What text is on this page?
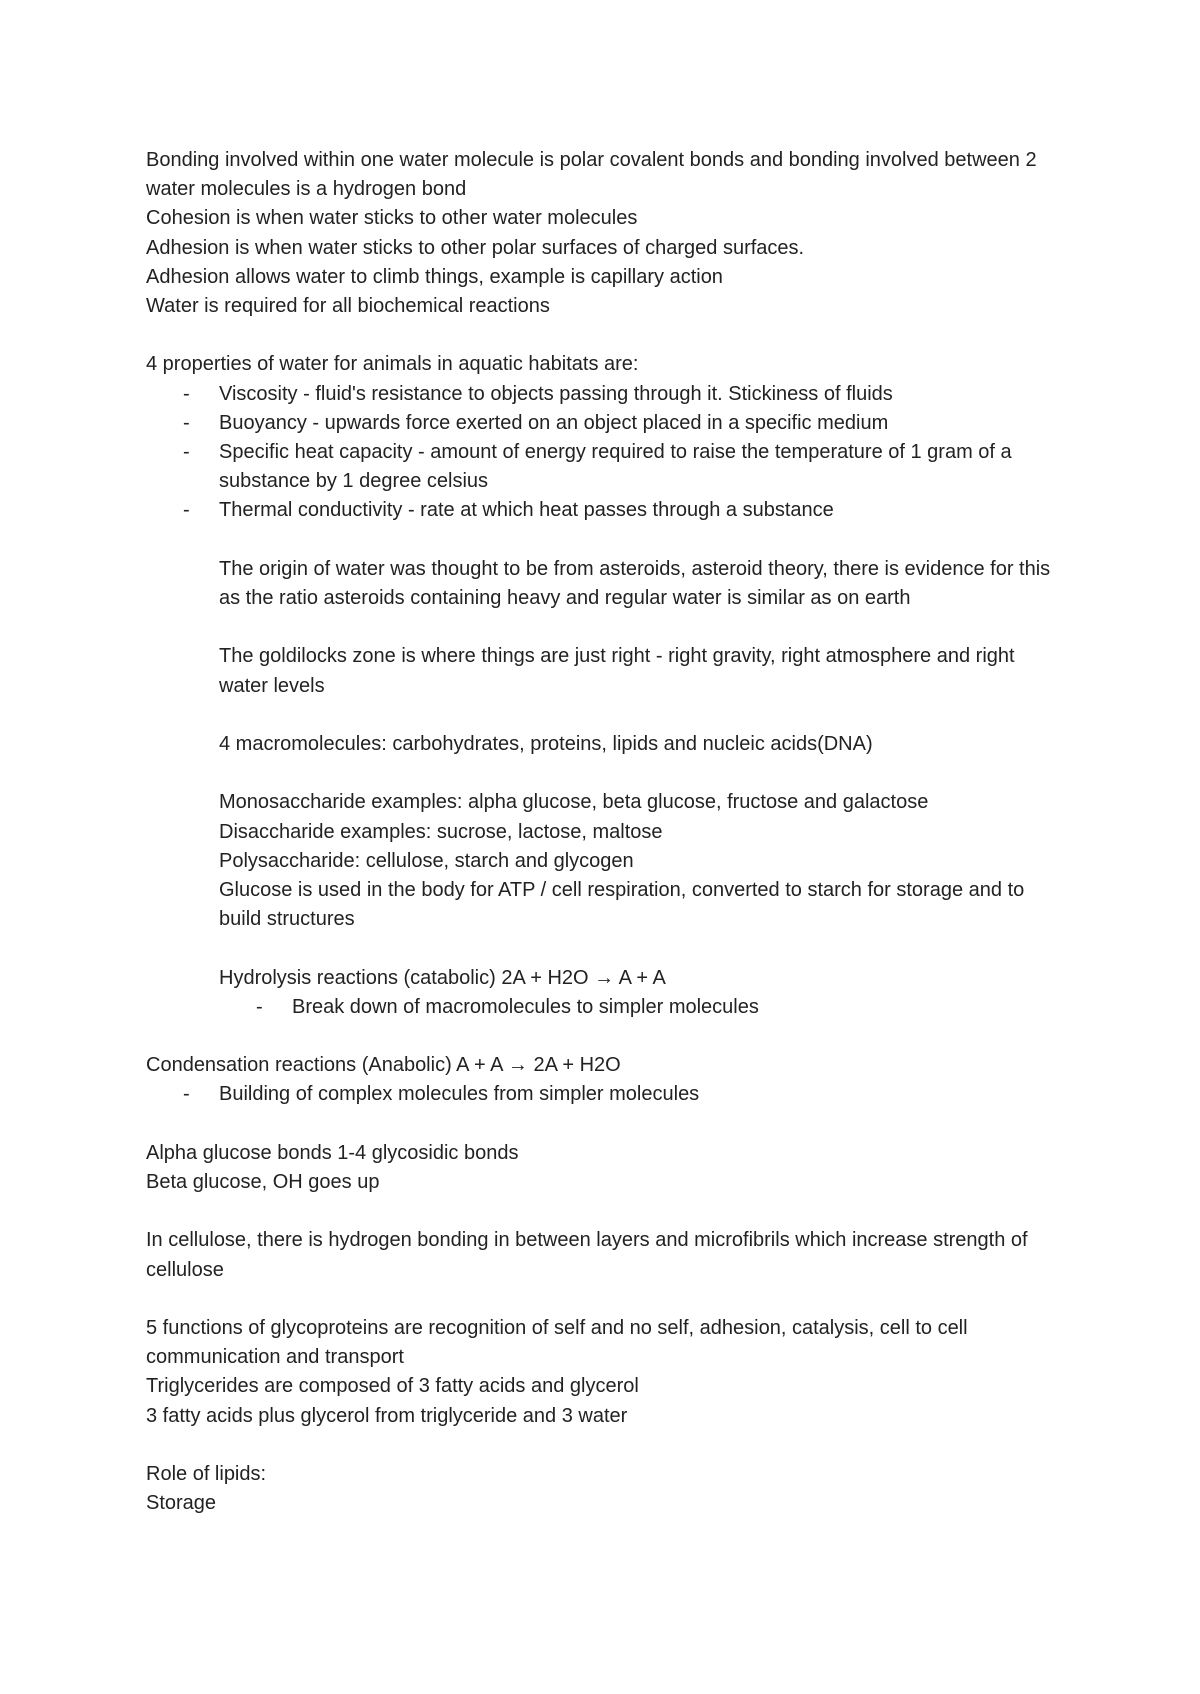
Bonding involved within one water molecule is polar covalent bonds and bonding involved between 2 water molecules is a hydrogen bond
Cohesion is when water sticks to other water molecules
Adhesion is when water sticks to other polar surfaces of charged surfaces.
Adhesion allows water to climb things, example is capillary action
Water is required for all biochemical reactions
4 properties of water for animals in aquatic habitats are:
- Viscosity - fluid's resistance to objects passing through it. Stickiness of fluids
- Buoyancy - upwards force exerted on an object placed in a specific medium
- Specific heat capacity - amount of energy required to raise the temperature of 1 gram of a substance by 1 degree celsius
- Thermal conductivity - rate at which heat passes through a substance
The origin of water was thought to be from asteroids, asteroid theory, there is evidence for this as the ratio asteroids containing heavy and regular water is similar as on earth
The goldilocks zone is where things are just right - right gravity, right atmosphere and right water levels
4 macromolecules: carbohydrates, proteins, lipids and nucleic acids(DNA)
Monosaccharide examples: alpha glucose, beta glucose, fructose and galactose
Disaccharide examples: sucrose, lactose, maltose
Polysaccharide: cellulose, starch and glycogen
Glucose is used in the body for ATP / cell respiration, converted to starch for storage and to build structures
Hydrolysis reactions (catabolic) 2A + H2O → A + A
- Break down of macromolecules to simpler molecules
Condensation reactions (Anabolic) A + A → 2A + H2O
- Building of complex molecules from simpler molecules
Alpha glucose bonds 1-4 glycosidic bonds
Beta glucose, OH goes up
In cellulose, there is hydrogen bonding in between layers and microfibrils which increase strength of cellulose
5 functions of glycoproteins are recognition of self and no self, adhesion, catalysis, cell to cell communication and transport
Triglycerides are composed of 3 fatty acids and glycerol
3 fatty acids plus glycerol from triglyceride and 3 water
Role of lipids:
Storage
